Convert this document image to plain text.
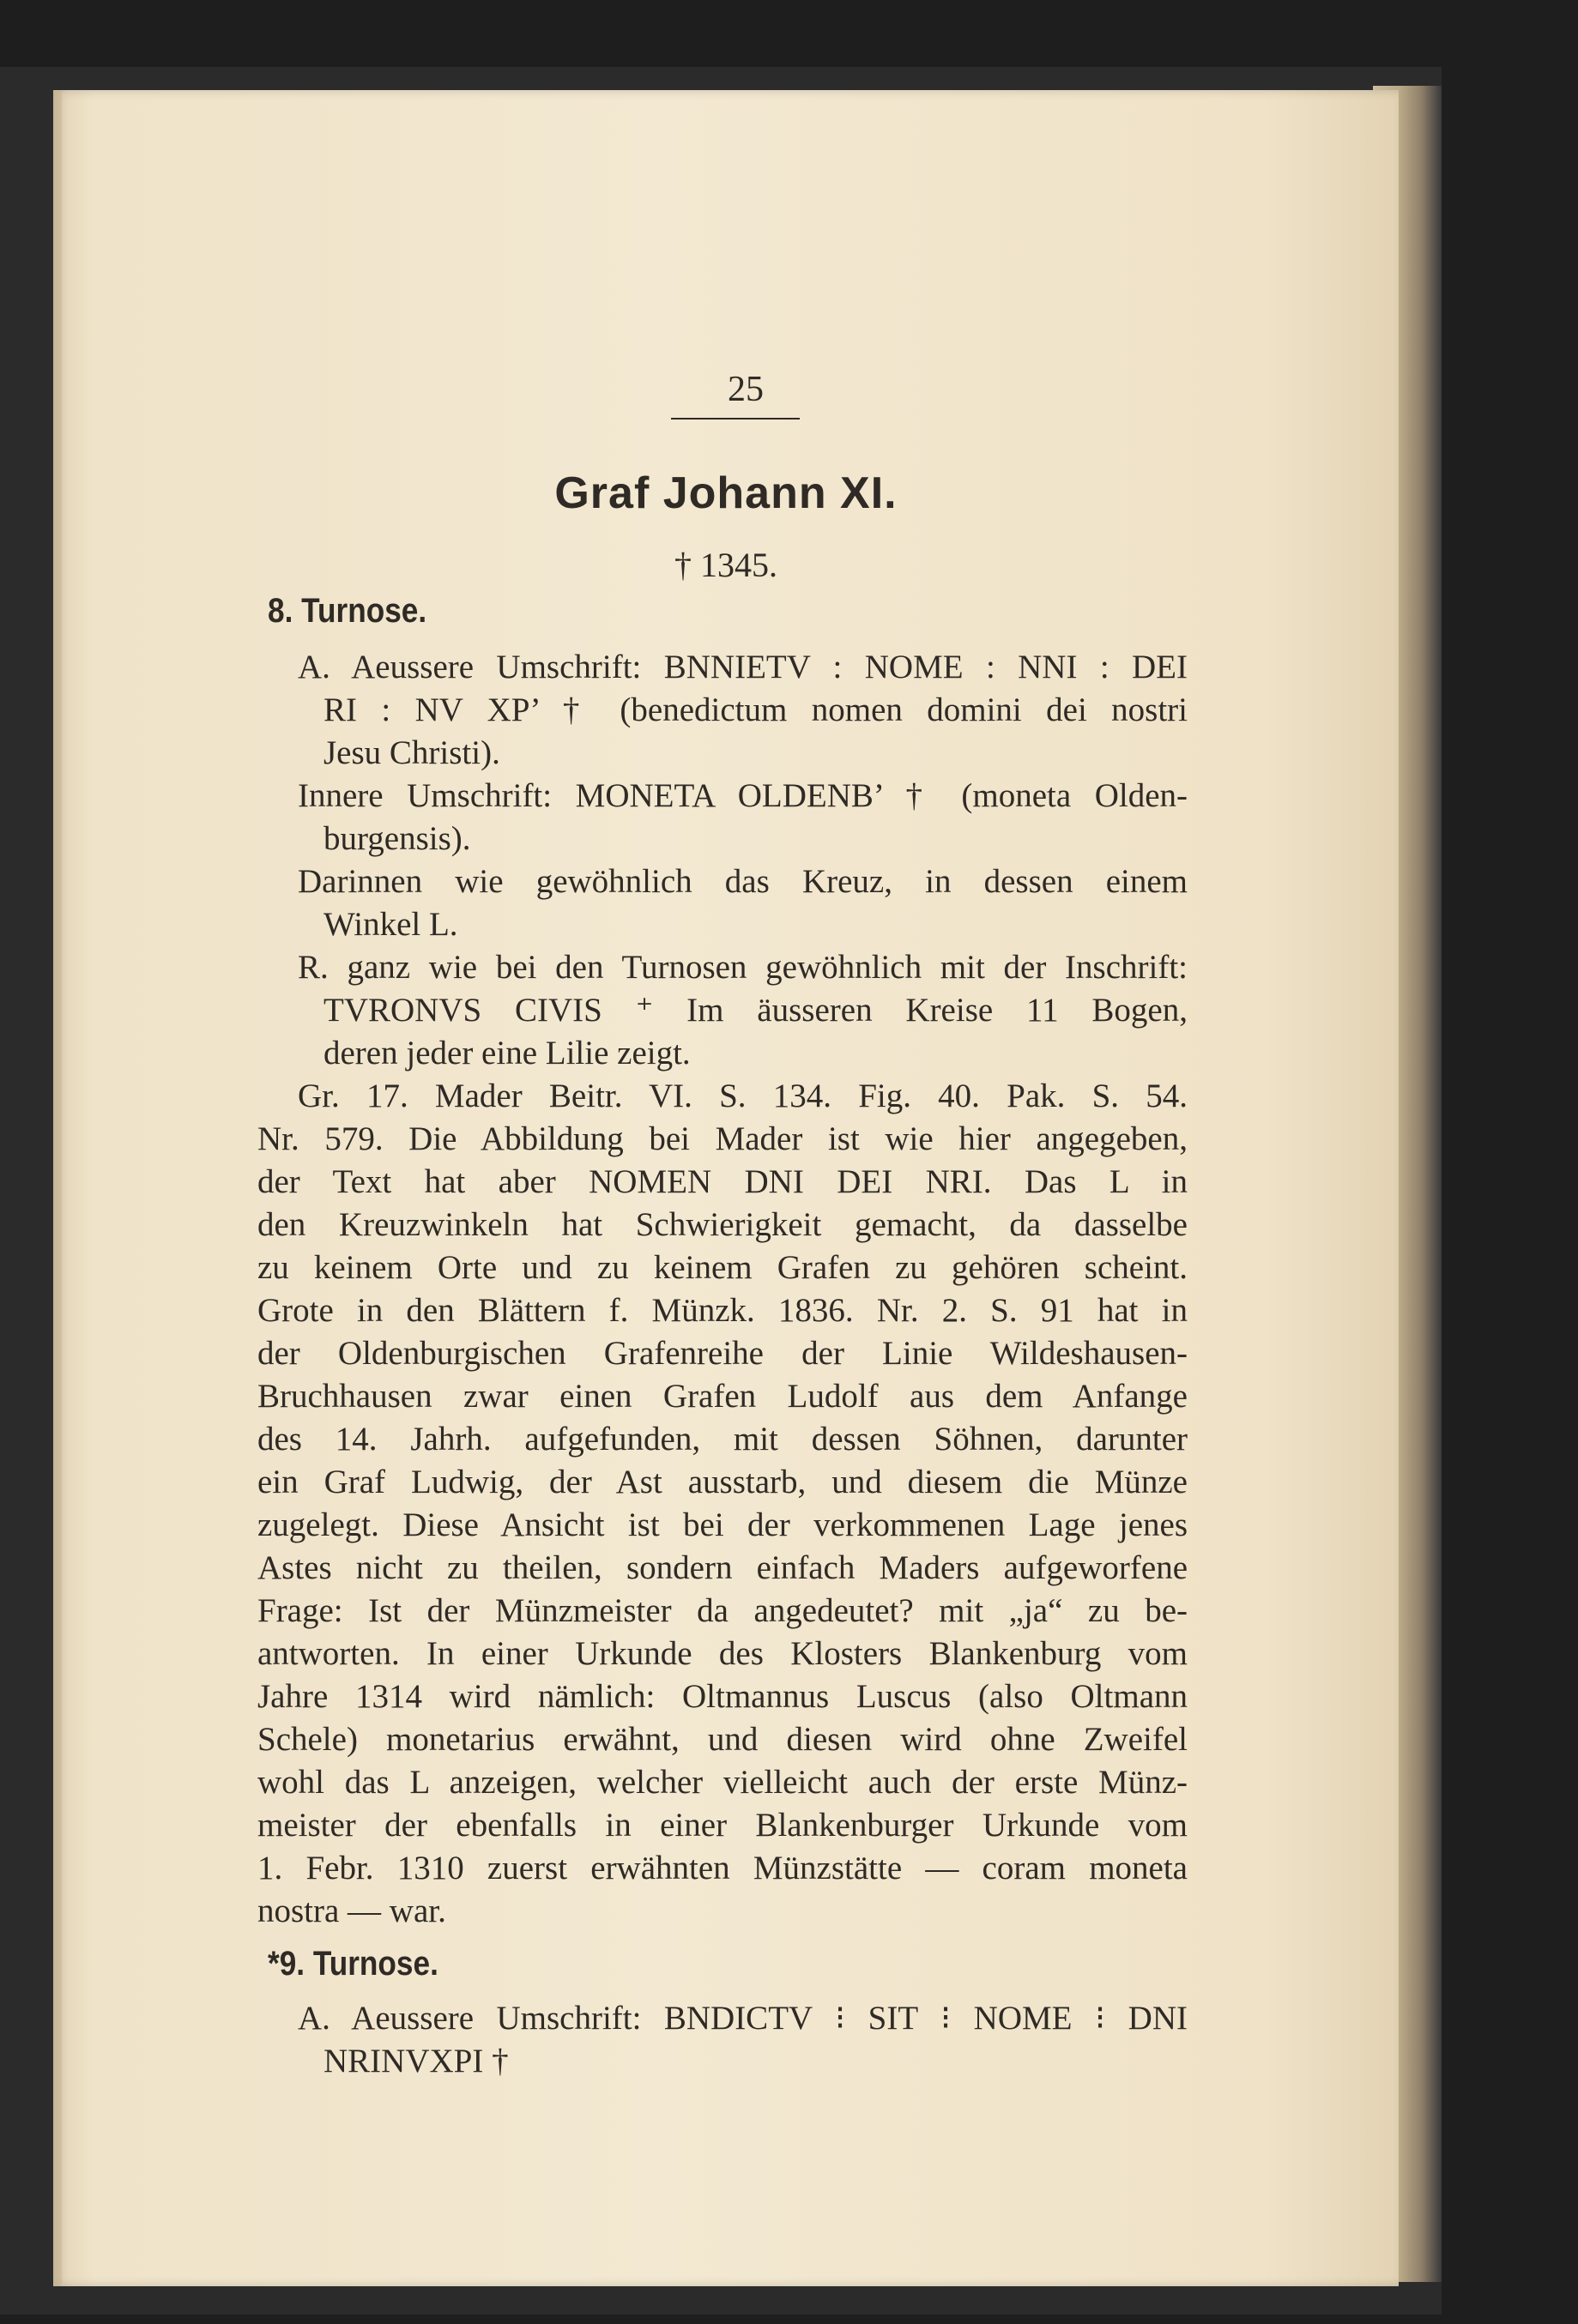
25
Graf Johann XI.
† 1345.
8. Turnose.
A. Aeussere Umschrift: BNNIETV : NOME : NNI : DEI
RI : NV XP’ † (benedictum nomen domini dei nostri
Jesu Christi).
Innere Umschrift: MONETA OLDENB’ † (moneta Olden-
burgensis).
Darinnen wie gewöhnlich das Kreuz, in dessen einem
Winkel L.
R. ganz wie bei den Turnosen gewöhnlich mit der Inschrift:
TVRONVS CIVIS ⁺ Im äusseren Kreise 11 Bogen,
deren jeder eine Lilie zeigt.
Gr. 17. Mader Beitr. VI. S. 134. Fig. 40. Pak. S. 54.
Nr. 579. Die Abbildung bei Mader ist wie hier angegeben,
der Text hat aber NOMEN DNI DEI NRI. Das L in
den Kreuzwinkeln hat Schwierigkeit gemacht, da dasselbe
zu keinem Orte und zu keinem Grafen zu gehören scheint.
Grote in den Blättern f. Münzk. 1836. Nr. 2. S. 91 hat in
der Oldenburgischen Grafenreihe der Linie Wildeshausen-
Bruchhausen zwar einen Grafen Ludolf aus dem Anfange
des 14. Jahrh. aufgefunden, mit dessen Söhnen, darunter
ein Graf Ludwig, der Ast ausstarb, und diesem die Münze
zugelegt. Diese Ansicht ist bei der verkommenen Lage jenes
Astes nicht zu theilen, sondern einfach Maders aufgeworfene
Frage: Ist der Münzmeister da angedeutet? mit „ja“ zu be-
antworten. In einer Urkunde des Klosters Blankenburg vom
Jahre 1314 wird nämlich: Oltmannus Luscus (also Oltmann
Schele) monetarius erwähnt, und diesen wird ohne Zweifel
wohl das L anzeigen, welcher vielleicht auch der erste Münz-
meister der ebenfalls in einer Blankenburger Urkunde vom
1. Febr. 1310 zuerst erwähnten Münzstätte — coram moneta
nostra — war.
*9. Turnose.
A. Aeussere Umschrift: BNDICTV ⁝ SIT ⁝ NOME ⁝ DNI
NRINVXPI †
